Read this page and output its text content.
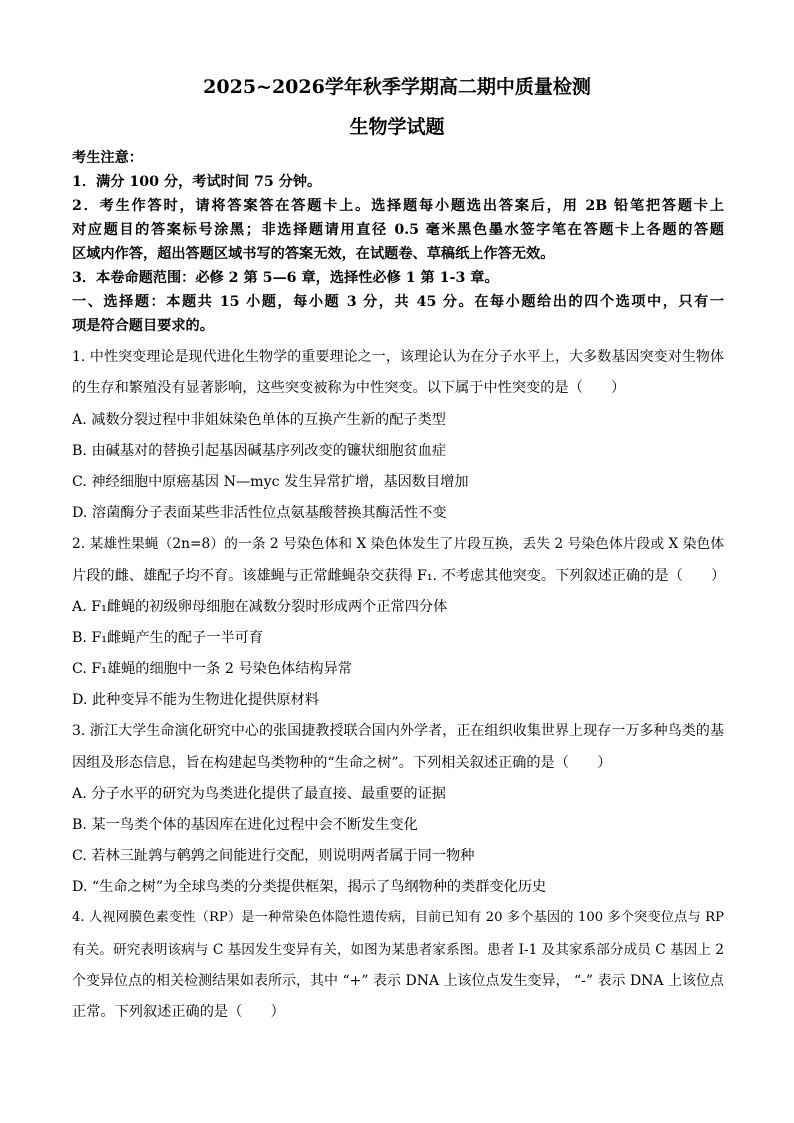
2025~2026学年秋季学期高二期中质量检测
生物学试题
考生注意：
1．满分 100 分，考试时间 75 分钟。
2．考生作答时，请将答案答在答题卡上。选择题每小题选出答案后，用 2B 铅笔把答题卡上
对应题目的答案标号涂黑；非选择题请用直径 0.5 毫米黑色墨水签字笔在答题卡上各题的答题
区域内作答，超出答题区域书写的答案无效，在试题卷、草稿纸上作答无效。
3．本卷命题范围：必修 2 第 5—6 章，选择性必修 1 第 1-3 章。
一、选择题：本题共 15 小题，每小题 3 分，共 45 分。在每小题给出的四个选项中，只有一
项是符合题目要求的。
1. 中性突变理论是现代进化生物学的重要理论之一，该理论认为在分子水平上，大多数基因突变对生物体
的生存和繁殖没有显著影响，这些突变被称为中性突变。以下属于中性突变的是（　　）
A. 减数分裂过程中非姐妹染色单体的互换产生新的配子类型
B. 由碱基对的替换引起基因碱基序列改变的镰状细胞贫血症
C. 神经细胞中原癌基因 N—myc 发生异常扩增，基因数目增加
D. 溶菌酶分子表面某些非活性位点氨基酸替换其酶活性不变
2. 某雄性果蝇（2n=8）的一条 2 号染色体和 X 染色体发生了片段互换，丢失 2 号染色体片段或 X 染色体
片段的雌、雄配子均不育。该雄蝇与正常雌蝇杂交获得 F₁. 不考虑其他突变。下列叙述正确的是（　　）
A. F₁雌蝇的初级卵母细胞在减数分裂时形成两个正常四分体
B. F₁雌蝇产生的配子一半可育
C. F₁雄蝇的细胞中一条 2 号染色体结构异常
D. 此种变异不能为生物进化提供原材料
3. 浙江大学生命演化研究中心的张国捷教授联合国内外学者，正在组织收集世界上现存一万多种鸟类的基
因组及形态信息，旨在构建起鸟类物种的“生命之树”。下列相关叙述正确的是（　　）
A. 分子水平的研究为鸟类进化提供了最直接、最重要的证据
B. 某一鸟类个体的基因库在进化过程中会不断发生变化
C. 若林三趾鹑与鹌鹑之间能进行交配，则说明两者属于同一物种
D. “生命之树”为全球鸟类的分类提供框架，揭示了鸟纲物种的类群变化历史
4. 人视网膜色素变性（RP）是一种常染色体隐性遗传病，目前已知有 20 多个基因的 100 多个突变位点与 RP
有关。研究表明该病与 C 基因发生变异有关，如图为某患者家系图。患者 I-1 及其家系部分成员 C 基因上 2
个变异位点的相关检测结果如表所示，其中 “+” 表示 DNA 上该位点发生变异， “-” 表示 DNA 上该位点
正常。下列叙述正确的是（　　）
